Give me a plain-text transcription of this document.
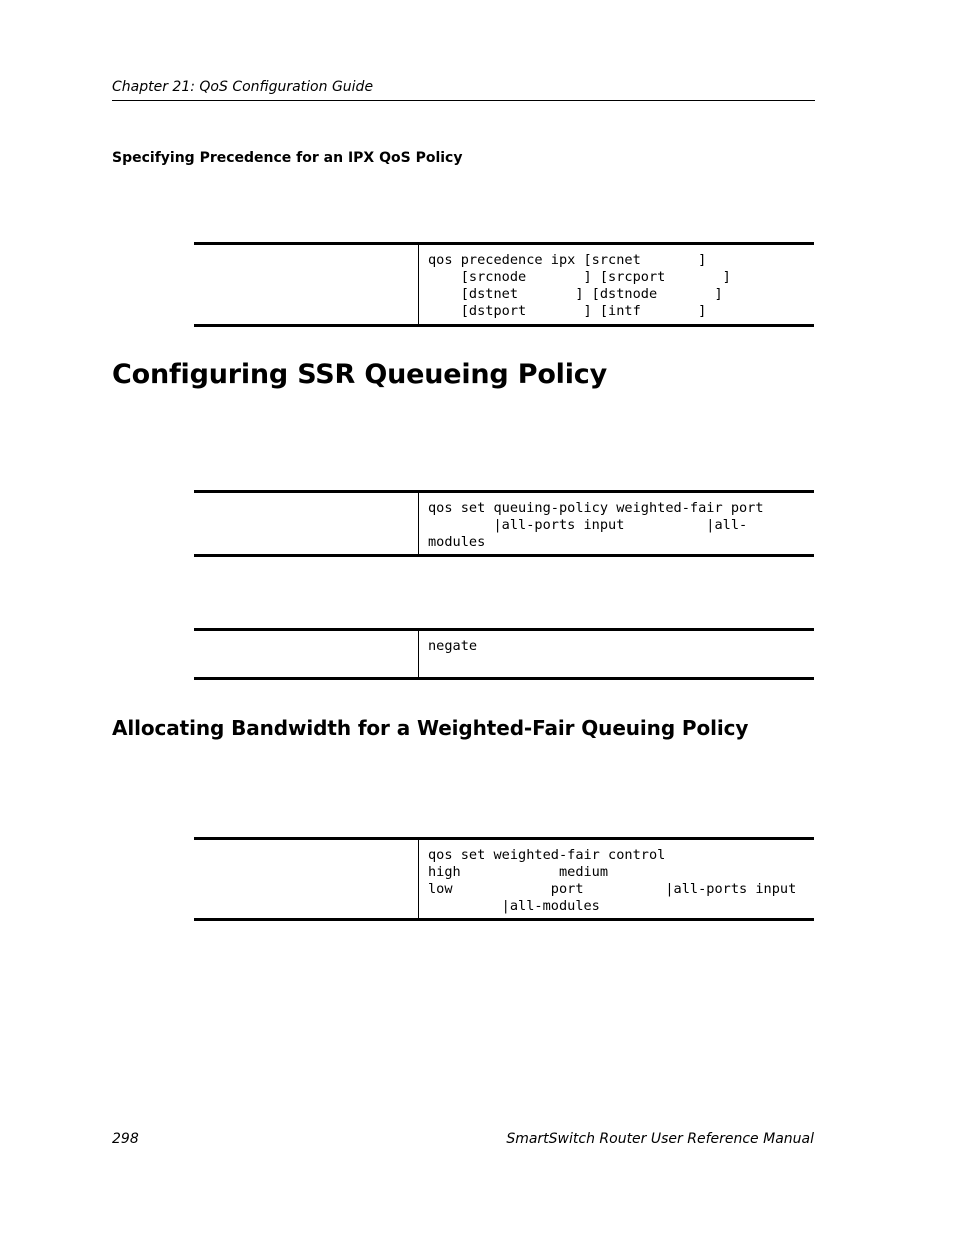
Chapter 21: QoS Configuration Guide
Specifying Precedence for an IPX QoS Policy
qos precedence ipx [srcnet       ]
[srcnode       ] [srcport       ]
[dstnet       ] [dstnode       ]
[dstport       ] [intf       ]
Configuring SSR Queueing Policy
qos set queuing-policy weighted-fair port
|all-ports input          |all-
modules
negate
Allocating Bandwidth for a Weighted-Fair Queuing Policy
qos set weighted-fair control
high            medium
low            port          |all-ports input
|all-modules
298	SmartSwitch Router User Reference Manual
